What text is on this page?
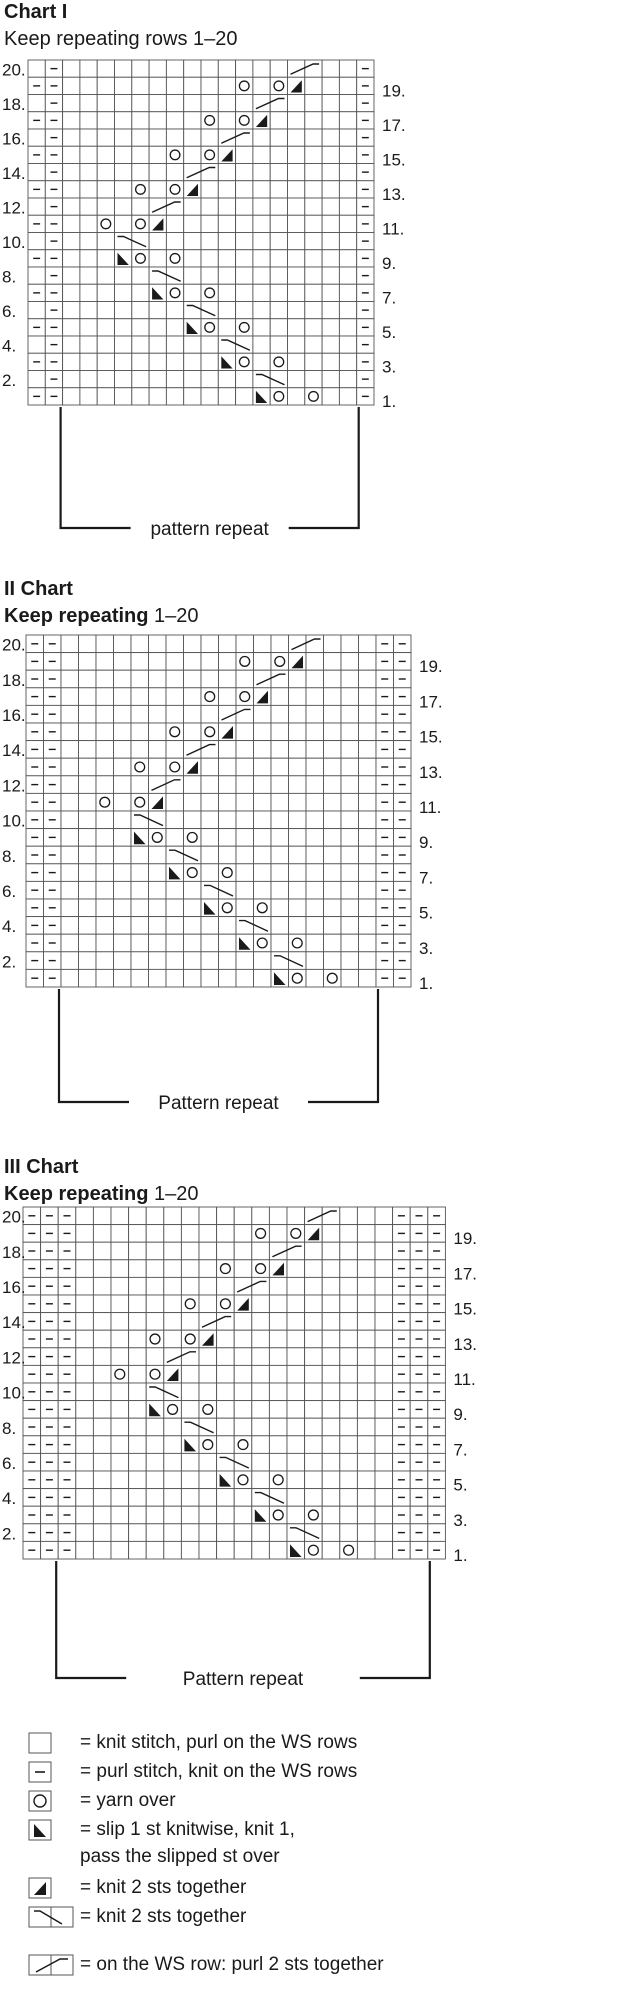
Chart I
Keep repeating rows 1–20
20.
18.
16.
14.
12.
10.
8.
6.
4.
2.
19.
17.
15.
13.
11.
9.
7.
5.
3.
1.
pattern repeat
II Chart
Keep repeating 1–20
20.
18.
16.
14.
12.
10.
8.
6.
4.
2.
19.
17.
15.
13.
11.
9.
7.
5.
3.
1.
Pattern repeat
III Chart
Keep repeating 1–20
20.
18.
16.
14.
12.
10.
8.
6.
4.
2.
19.
17.
15.
13.
11.
9.
7.
5.
3.
1.
Pattern repeat
= knit stitch, purl on the WS rows
= purl stitch, knit on the WS rows
= yarn over
= slip 1 st knitwise, knit 1,
pass the slipped st over
= knit 2 sts together
= knit 2 sts together
= on the WS row: purl 2 sts together
